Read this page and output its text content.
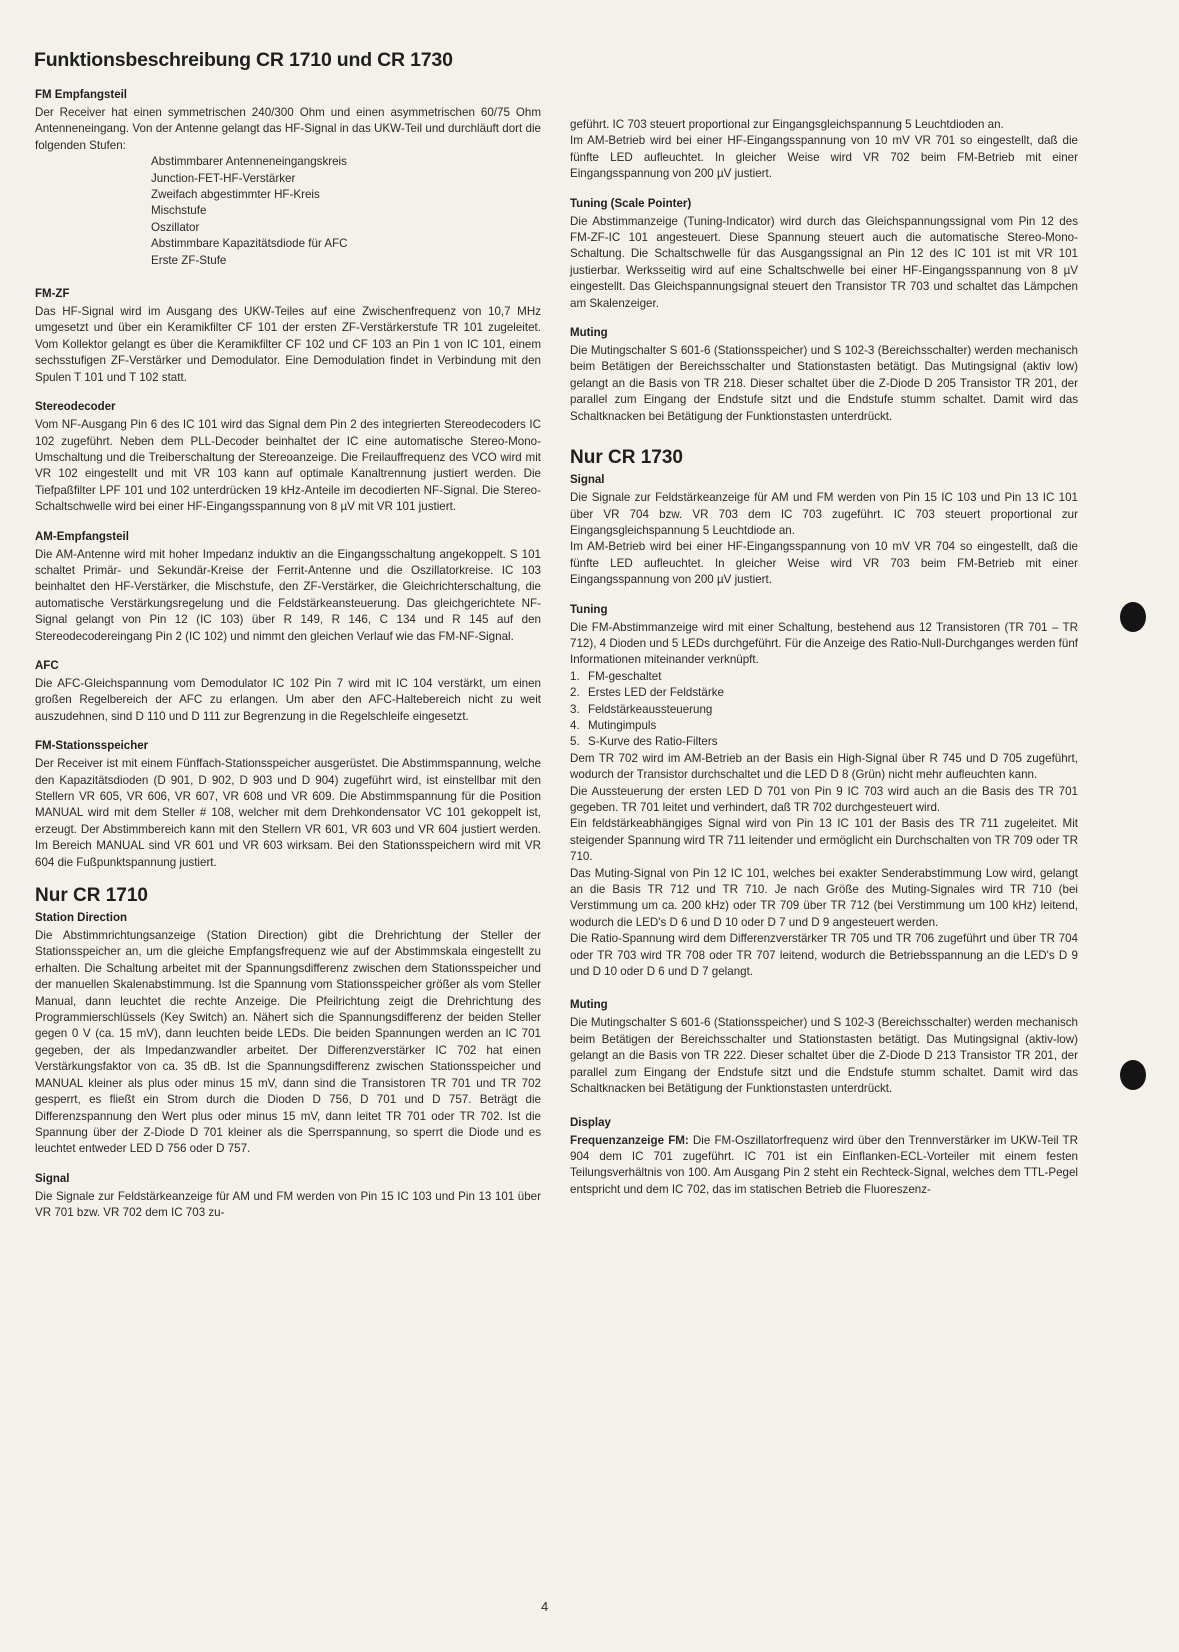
Funktionsbeschreibung CR 1710 und CR 1730
FM Empfangsteil

Der Receiver hat einen symmetrischen 240/300 Ohm und einen asymmetrischen 60/75 Ohm Antenneneingang. Von der Antenne gelangt das HF-Signal in das UKW-Teil und durchläuft dort die folgenden Stufen:

Abstimmbarer Antenneneingangskreis
Junction-FET-HF-Verstärker
Zweifach abgestimmter HF-Kreis
Mischstufe
Oszillator
Abstimmbare Kapazitätsdiode für AFC
Erste ZF-Stufe
FM-ZF

Das HF-Signal wird im Ausgang des UKW-Teiles auf eine Zwischenfrequenz von 10,7 MHz umgesetzt und über ein Keramikfilter CF 101 der ersten ZF-Verstärkerstufe TR 101 zugeleitet. Vom Kollektor gelangt es über die Keramikfilter CF 102 und CF 103 an Pin 1 von IC 101, einem sechsstufigen ZF-Verstärker und Demodulator. Eine Demodulation findet in Verbindung mit den Spulen T 101 und T 102 statt.

Stereodecoder

Vom NF-Ausgang Pin 6 des IC 101 wird das Signal dem Pin 2 des integrierten Stereodecoders IC 102 zugeführt. Neben dem PLL-Decoder beinhaltet der IC eine automatische Stereo-Mono-Umschaltung und die Treiberschaltung der Stereoanzeige. Die Freilauffrequenz des VCO wird mit VR 102 eingestellt und mit VR 103 kann auf optimale Kanaltrennung justiert werden. Die Tiefpaßfilter LPF 101 und 102 unterdrücken 19 kHz-Anteile im decodierten NF-Signal. Die Stereo-Schaltschwelle wird bei einer HF-Eingangsspannung von 8 µV mit VR 101 justiert.

AM-Empfangsteil

Die AM-Antenne wird mit hoher Impedanz induktiv an die Eingangsschaltung angekoppelt. S 101 schaltet Primär- und Sekundär-Kreise der Ferrit-Antenne und die Oszillatorkreise. IC 103 beinhaltet den HF-Verstärker, die Mischstufe, den ZF-Verstärker, die Gleichrichterschaltung, die automatische Verstärkungsregelung und die Feldstärkeansteuerung. Das gleichgerichtete NF-Signal gelangt von Pin 12 (IC 103) über R 149, R 146, C 134 und R 145 auf den Stereodecodereingang Pin 2 (IC 102) und nimmt den gleichen Verlauf wie das FM-NF-Signal.

AFC

Die AFC-Gleichspannung vom Demodulator IC 102 Pin 7 wird mit IC 104 verstärkt, um einen großen Regelbereich der AFC zu erlangen. Um aber den AFC-Haltebereich nicht zu weit auszudehnen, sind D 110 und D 111 zur Begrenzung in die Regelschleife eingesetzt.

FM-Stationsspeicher

Der Receiver ist mit einem Fünffach-Stationsspeicher ausgerüstet. Die Abstimmspannung, welche den Kapazitätsdioden (D 901, D 902, D 903 und D 904) zugeführt wird, ist einstellbar mit den Stellern VR 605, VR 606, VR 607, VR 608 und VR 609. Die Abstimmspannung für die Position MANUAL wird mit dem Steller # 108, welcher mit dem Drehkondensator VC 101 gekoppelt ist, erzeugt. Der Abstimmbereich kann mit den Stellern VR 601, VR 603 und VR 604 justiert werden. Im Bereich MANUAL sind VR 601 und VR 603 wirksam. Bei den Stationsspeichern wird mit VR 604 die Fußpunktspannung justiert.

Nur CR 1710
Station Direction

Die Abstimmrichtungsanzeige (Station Direction) gibt die Drehrichtung der Steller der Stationsspeicher an, um die gleiche Empfangsfrequenz wie auf der Abstimmskala eingestellt zu erhalten. Die Schaltung arbeitet mit der Spannungsdifferenz zwischen dem Stationsspeicher und der manuellen Skalenabstimmung. Ist die Spannung vom Stationsspeicher größer als vom Steller Manual, dann leuchtet die rechte Anzeige. Die Pfeilrichtung zeigt die Drehrichtung des Programmierschlüssels (Key Switch) an. Nähert sich die Spannungsdifferenz der beiden Steller gegen 0 V (ca. 15 mV), dann leuchten beide LEDs. Die beiden Spannungen werden an IC 701 gegeben, der als Impedanzwandler arbeitet. Der Differenzverstärker IC 702 hat einen Verstärkungsfaktor von ca. 35 dB. Ist die Spannungsdifferenz zwischen Stationsspeicher und MANUAL kleiner als plus oder minus 15 mV, dann sind die Transistoren TR 701 und TR 702 gesperrt, es fließt ein Strom durch die Dioden D 756, D 701 und D 757. Beträgt die Differenzspannung den Wert plus oder minus 15 mV, dann leitet TR 701 oder TR 702. Ist die Spannung über der Z-Diode D 701 kleiner als die Sperrspannung, so sperrt die Diode und es leuchtet entweder LED D 756 oder D 757.

Signal

Die Signale zur Feldstärkeanzeige für AM und FM werden von Pin 15 IC 103 und Pin 13 101 über VR 701 bzw. VR 702 dem IC 703 zu-

geführt. IC 703 steuert proportional zur Eingangsgleichspannung 5 Leuchtdioden an.

Im AM-Betrieb wird bei einer HF-Eingangsspannung von 10 mV VR 701 so eingestellt, daß die fünfte LED aufleuchtet. In gleicher Weise wird VR 702 beim FM-Betrieb mit einer Eingangsspannung von 200 µV justiert.

Tuning (Scale Pointer)

Die Abstimmanzeige (Tuning-Indicator) wird durch das Gleichspannungssignal vom Pin 12 des FM-ZF-IC 101 angesteuert. Diese Spannung steuert auch die automatische Stereo-Mono-Schaltung. Die Schaltschwelle für das Ausgangssignal an Pin 12 des IC 101 ist mit VR 101 justierbar. Werksseitig wird auf eine Schaltschwelle bei einer HF-Eingangsspannung von 8 µV eingestellt. Das Gleichspannungsignal steuert den Transistor TR 703 und schaltet das Lämpchen am Skalenzeiger.

Muting

Die Mutingschalter S 601-6 (Stationsspeicher) und S 102-3 (Bereichsschalter) werden mechanisch beim Betätigen der Bereichsschalter und Stationstasten betätigt. Das Mutingsignal (aktiv low) gelangt an die Basis von TR 218. Dieser schaltet über die Z-Diode D 205 Transistor TR 201, der parallel zum Eingang der Endstufe sitzt und die Endstufe stumm schaltet. Damit wird das Schaltknacken bei Betätigung der Funktionstasten unterdrückt.

Nur CR 1730
Signal

Die Signale zur Feldstärkeanzeige für AM und FM werden von Pin 15 IC 103 und Pin 13 IC 101 über VR 704 bzw. VR 703 dem IC 703 zugeführt. IC 703 steuert proportional zur Eingangsgleichspannung 5 Leuchtdiode an.

Im AM-Betrieb wird bei einer HF-Eingangsspannung von 10 mV VR 704 so eingestellt, daß die fünfte LED aufleuchtet. In gleicher Weise wird VR 703 beim FM-Betrieb mit einer Eingangsspannung von 200 µV justiert.

Tuning

Die FM-Abstimmanzeige wird mit einer Schaltung, bestehend aus 12 Transistoren (TR 701 – TR 712), 4 Dioden und 5 LEDs durchgeführt. Für die Anzeige des Ratio-Null-Durchganges werden fünf Informationen miteinander verknüpft.

1. FM-geschaltet
2. Erstes LED der Feldstärke
3. Feldstärkeaussteuerung
4. Mutingimpuls
5. S-Kurve des Ratio-Filters

Dem TR 702 wird im AM-Betrieb an der Basis ein High-Signal über R 745 und D 705 zugeführt, wodurch der Transistor durchschaltet und die LED D 8 (Grün) nicht mehr aufleuchten kann.

Die Aussteuerung der ersten LED D 701 von Pin 9 IC 703 wird auch an die Basis des TR 701 gegeben. TR 701 leitet und verhindert, daß TR 702 durchgesteuert wird.

Ein feldstärkeabhängiges Signal wird von Pin 13 IC 101 der Basis des TR 711 zugeleitet. Mit steigender Spannung wird TR 711 leitender und ermöglicht ein Durchschalten von TR 709 oder TR 710.

Das Muting-Signal von Pin 12 IC 101, welches bei exakter Senderabstimmung Low wird, gelangt an die Basis TR 712 und TR 710. Je nach Größe des Muting-Signales wird TR 710 (bei Verstimmung um ca. 200 kHz) oder TR 709 über TR 712 (bei Verstimmung um 100 kHz) leitend, wodurch die LED's D 6 und D 10 oder D 7 und D 9 angesteuert werden.

Die Ratio-Spannung wird dem Differenzverstärker TR 705 und TR 706 zugeführt und über TR 704 oder TR 703 wird TR 708 oder TR 707 leitend, wodurch die Betriebsspannung an die LED's D 9 und D 10 oder D 6 und D 7 gelangt.

Muting

Die Mutingschalter S 601-6 (Stationsspeicher) und S 102-3 (Bereichsschalter) werden mechanisch beim Betätigen der Bereichsschalter und Stationstasten betätigt. Das Mutingsignal (aktiv-low) gelangt an die Basis von TR 222. Dieser schaltet über die Z-Diode D 213 Transistor TR 201, der parallel zum Eingang der Endstufe sitzt und die Endstufe stumm schaltet. Damit wird das Schaltknacken bei Betätigung der Funktionstasten unterdrückt.

Display

Frequenzanzeige FM: Die FM-Oszillatorfrequenz wird über den Trennverstärker im UKW-Teil TR 904 dem IC 701 zugeführt. IC 701 ist ein Einflanken-ECL-Vorteiler mit einem festen Teilungsverhältnis von 100. Am Ausgang Pin 2 steht ein Rechteck-Signal, welches dem TTL-Pegel entspricht und dem IC 702, das im statischen Betrieb die Fluoreszenz-

4
